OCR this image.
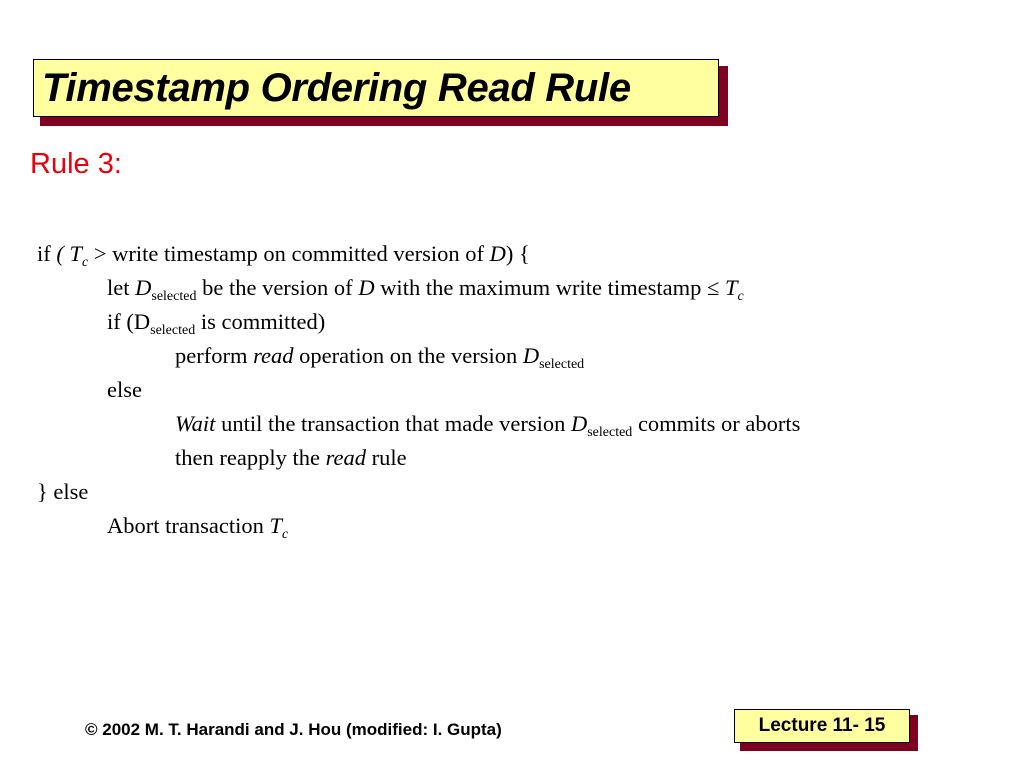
Timestamp Ordering Read Rule
Rule 3:
if ( $T_c$ > write timestamp on committed version of D) {
let $D_{selected}$ be the version of D with the maximum write timestamp ≤ $T_c$
if ($D_{selected}$ is committed)
perform read operation on the version $D_{selected}$
else
Wait until the transaction that made version $D_{selected}$ commits or aborts
then reapply the read rule
} else
Abort transaction $T_c$
© 2002 M. T. Harandi and J. Hou (modified: I. Gupta)	Lecture 11- 15
